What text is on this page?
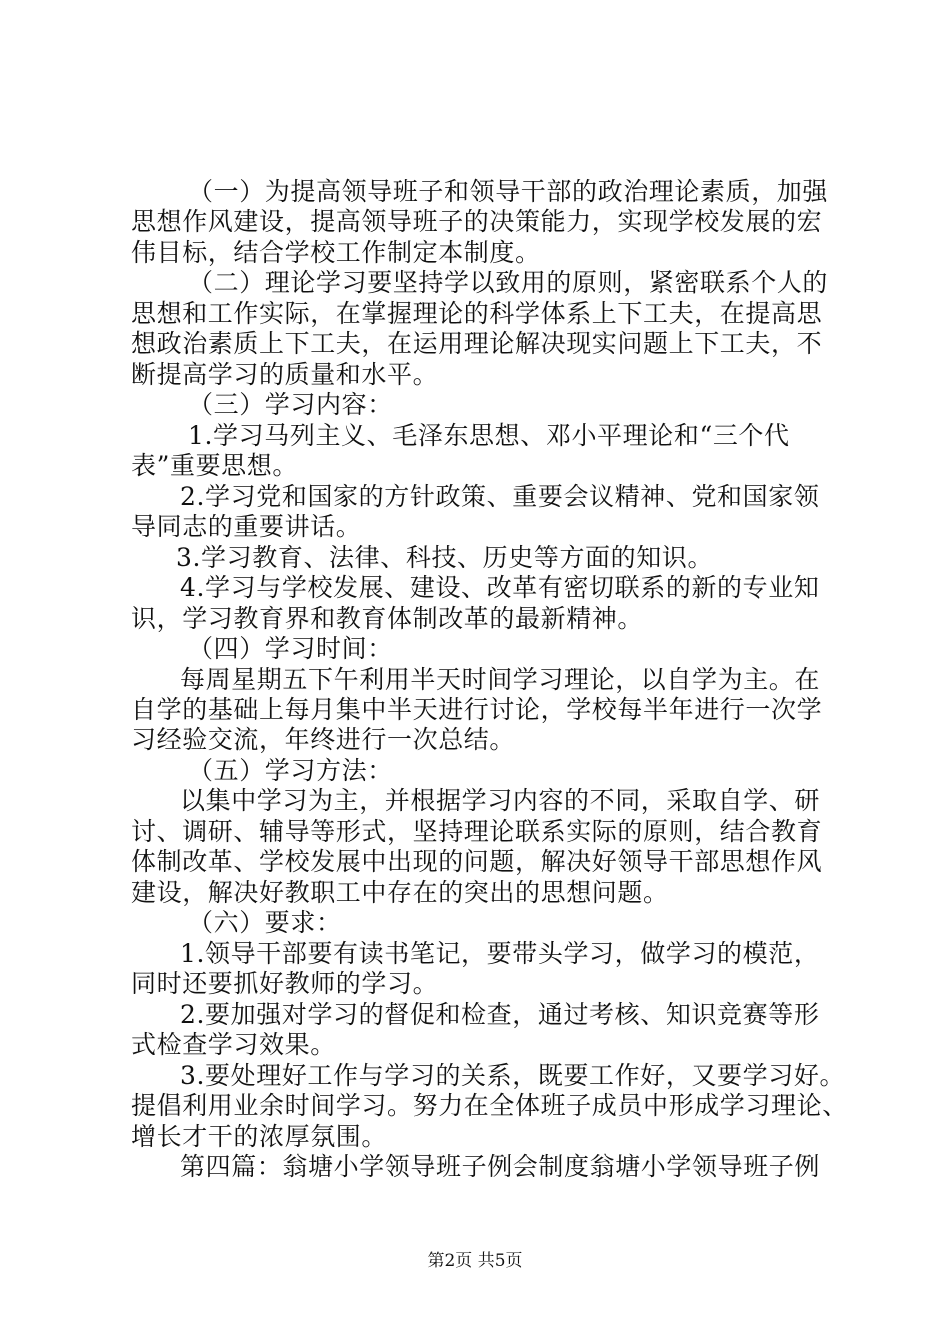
（一）为提高领导班子和领导干部的政治理论素质，加强
思想作风建设，提高领导班子的决策能力，实现学校发展的宏
伟目标，结合学校工作制定本制度。
（二）理论学习要坚持学以致用的原则，紧密联系个人的
思想和工作实际，在掌握理论的科学体系上下工夫，在提高思
想政治素质上下工夫，在运用理论解决现实问题上下工夫，不
断提高学习的质量和水平。
（三）学习内容：
1.学习马列主义、毛泽东思想、邓小平理论和“三个代
表”重要思想。
2.学习党和国家的方针政策、重要会议精神、党和国家领
导同志的重要讲话。
3.学习教育、法律、科技、历史等方面的知识。
4.学习与学校发展、建设、改革有密切联系的新的专业知
识，学习教育界和教育体制改革的最新精神。
（四）学习时间：
每周星期五下午利用半天时间学习理论，以自学为主。在
自学的基础上每月集中半天进行讨论，学校每半年进行一次学
习经验交流，年终进行一次总结。
（五）学习方法：
以集中学习为主，并根据学习内容的不同，采取自学、研
讨、调研、辅导等形式，坚持理论联系实际的原则，结合教育
体制改革、学校发展中出现的问题，解决好领导干部思想作风
建设，解决好教职工中存在的突出的思想问题。
（六）要求：
1.领导干部要有读书笔记，要带头学习，做学习的模范，
同时还要抓好教师的学习。
2.要加强对学习的督促和检查，通过考核、知识竞赛等形
式检查学习效果。
3.要处理好工作与学习的关系，既要工作好，又要学习好。
提倡利用业余时间学习。努力在全体班子成员中形成学习理论、
增长才干的浓厚氛围。
第四篇：翁塘小学领导班子例会制度翁塘小学领导班子例
第2页 共5页
